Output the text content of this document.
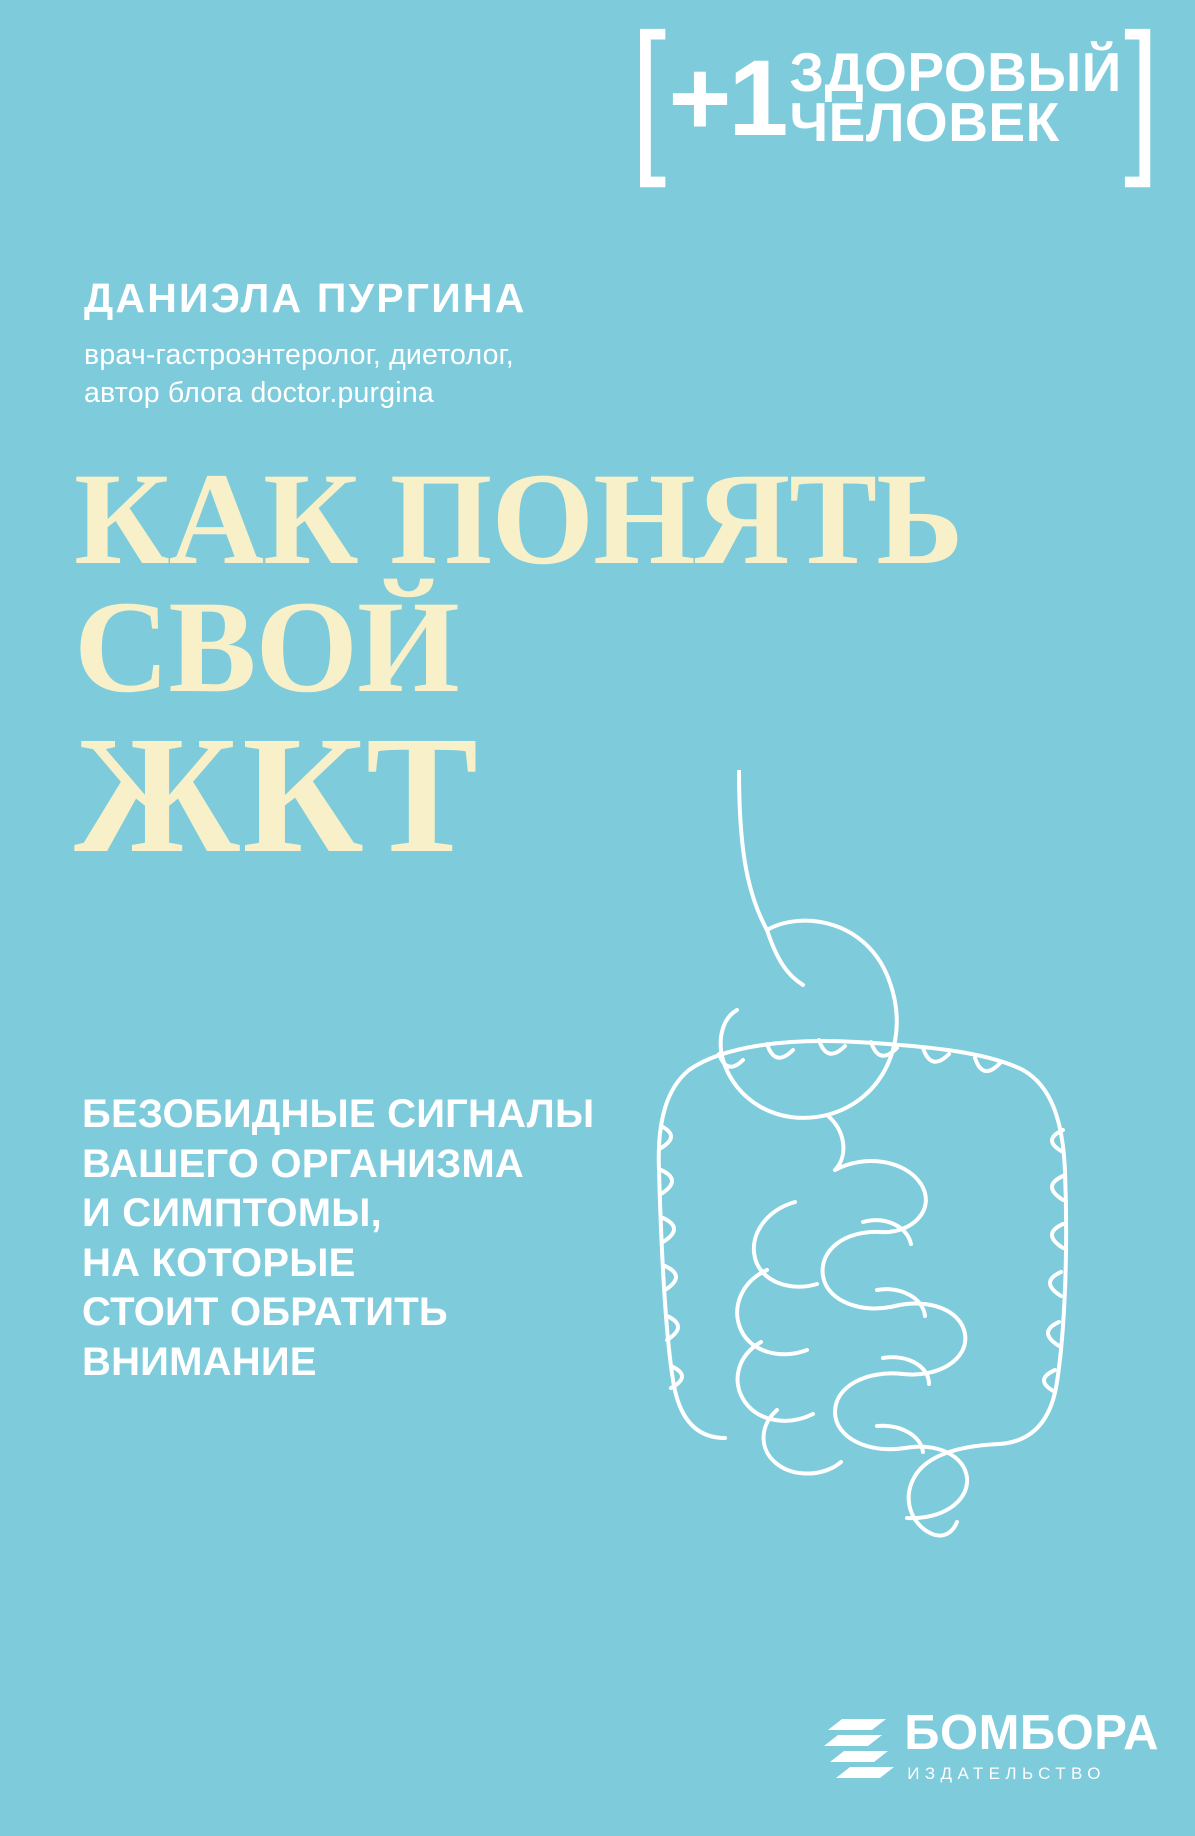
[ +1 ЗДОРОВЫЙ
ЧЕЛОВЕК ]
ДАНИЭЛА ПУРГИНА
врач-гастроэнтеролог, диетолог,
автор блога doctor.purgina
КАК ПОНЯТЬ
СВОЙ
ЖКТ
БЕЗОБИДНЫЕ СИГНАЛЫ
ВАШЕГО ОРГАНИЗМА
И СИМПТОМЫ,
НА КОТОРЫЕ
СТОИТ ОБРАТИТЬ
ВНИМАНИЕ
БОМБОРА
ИЗДАТЕЛЬСТВО
